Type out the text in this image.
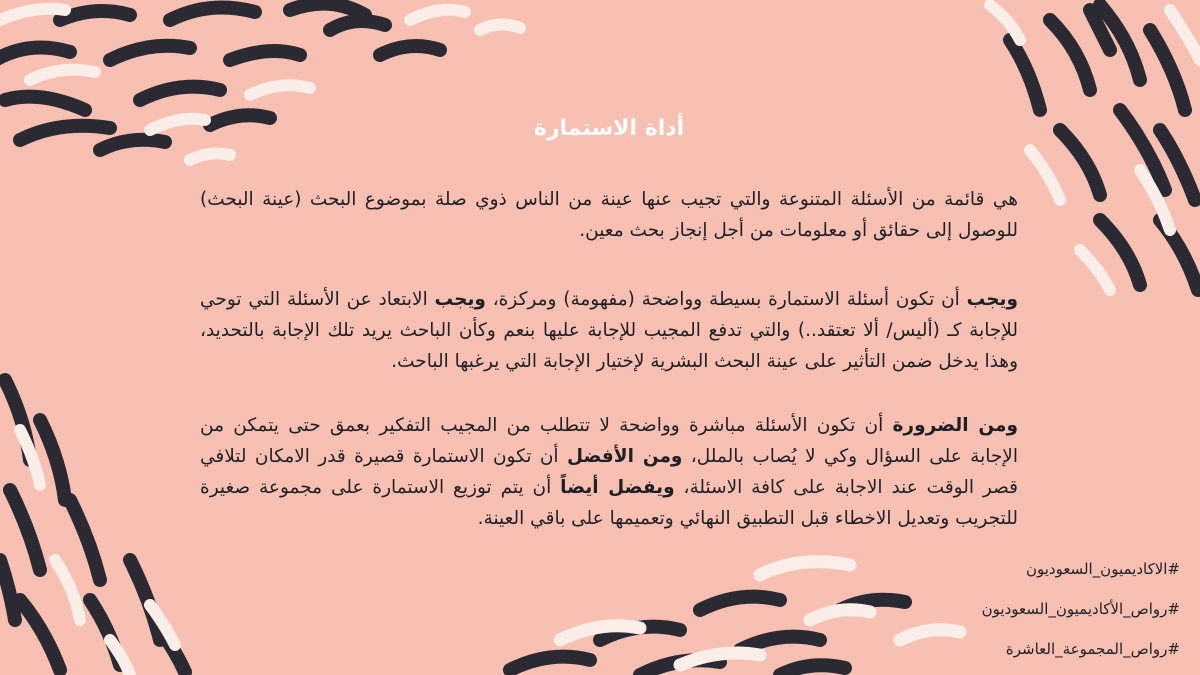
أداة الاستمارة

هي قائمة من الأسئلة المتنوعة والتي تجيب عنها عينة من الناس ذوي صلة بموضوع البحث (عينة البحث) للوصول إلى حقائق أو معلومات من أجل إنجاز بحث معين.

ويجب أن تكون أسئلة الاستمارة بسيطة وواضحة (مفهومة) ومركزة، ويجب الابتعاد عن الأسئلة التي توحي للإجابة كـ (أليس/ ألا تعتقد..) والتي تدفع المجيب للإجابة عليها بنعم وكأن الباحث يريد تلك الإجابة بالتحديد، وهذا يدخل ضمن التأثير على عينة البحث البشرية لإختيار الإجابة التي يرغبها الباحث.

ومن الضرورة أن تكون الأسئلة مباشرة وواضحة لا تتطلب من المجيب التفكير بعمق حتى يتمكن من الإجابة على السؤال وكي لا يُصاب بالملل، ومن الأفضل أن تكون الاستمارة قصيرة قدر الامكان لتلافي قصر الوقت عند الاجابة على كافة الاسئلة، ويفضل أيضاً أن يتم توزيع الاستمارة على مجموعة صغيرة للتجريب وتعديل الاخطاء قبل التطبيق النهائي وتعميمها على باقي العينة.

#الاكاديميون_السعوديون
#رواص_الأكاديميون_السعوديون
#رواص_المجموعة_العاشرة
